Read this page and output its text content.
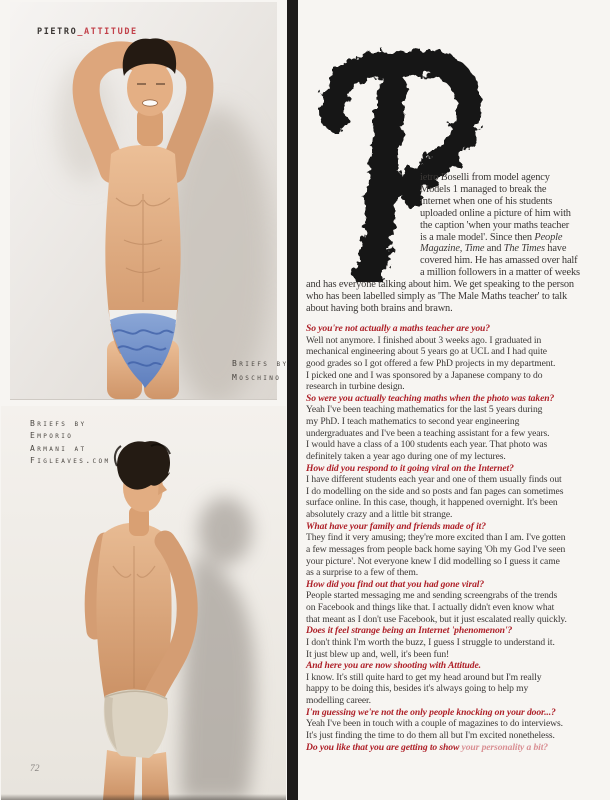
PIETRO_ATTITUDE
Briefs by
Moschino
Briefs by
Emporio
Armani at
Figleaves.com
72
ietro Boselli from model agency
Models 1 managed to break the
internet when one of his students
uploaded online a picture of him with
the caption 'when your maths teacher
is a male model'. Since then People
Magazine, Time and The Times have
covered him. He has amassed over half
a million followers in a matter of weeks
and has everyone talking about him. We get speaking to the person
who has been labelled simply as 'The Male Maths teacher' to talk
about having both brains and brawn.
So you're not actually a maths teacher are you?
Well not anymore. I finished about 3 weeks ago. I graduated in
mechanical engineering about 5 years go at UCL and I had quite
good grades so I got offered a few PhD projects in my department.
I picked one and I was sponsored by a Japanese company to do
research in turbine design.
So were you actually teaching maths when the photo was taken?
Yeah I've been teaching mathematics for the last 5 years during
my PhD. I teach mathematics to second year engineering
undergraduates and I've been a teaching assistant for a few years.
I would have a class of a 100 students each year. That photo was
definitely taken a year ago during one of my lectures.
How did you respond to it going viral on the Internet?
I have different students each year and one of them usually finds out
I do modelling on the side and so posts and fan pages can sometimes
surface online. In this case, though, it happened overnight. It's been
absolutely crazy and a little bit strange.
What have your family and friends made of it?
They find it very amusing; they're more excited than I am. I've gotten
a few messages from people back home saying 'Oh my God I've seen
your picture'. Not everyone knew I did modelling so I guess it came
as a surprise to a few of them.
How did you find out that you had gone viral?
People started messaging me and sending screengrabs of the trends
on Facebook and things like that. I actually didn't even know what
that meant as I don't use Facebook, but it just escalated really quickly.
Does it feel strange being an Internet 'phenomenon'?
I don't think I'm worth the buzz, I guess I struggle to understand it.
It just blew up and, well, it's been fun!
And here you are now shooting with Attitude.
I know. It's still quite hard to get my head around but I'm really
happy to be doing this, besides it's always going to help my
modelling career.
I'm guessing we're not the only people knocking on your door...?
Yeah I've been in touch with a couple of magazines to do interviews.
It's just finding the time to do them all but I'm excited nonetheless.
Do you like that you are getting to show your personality a bit?
